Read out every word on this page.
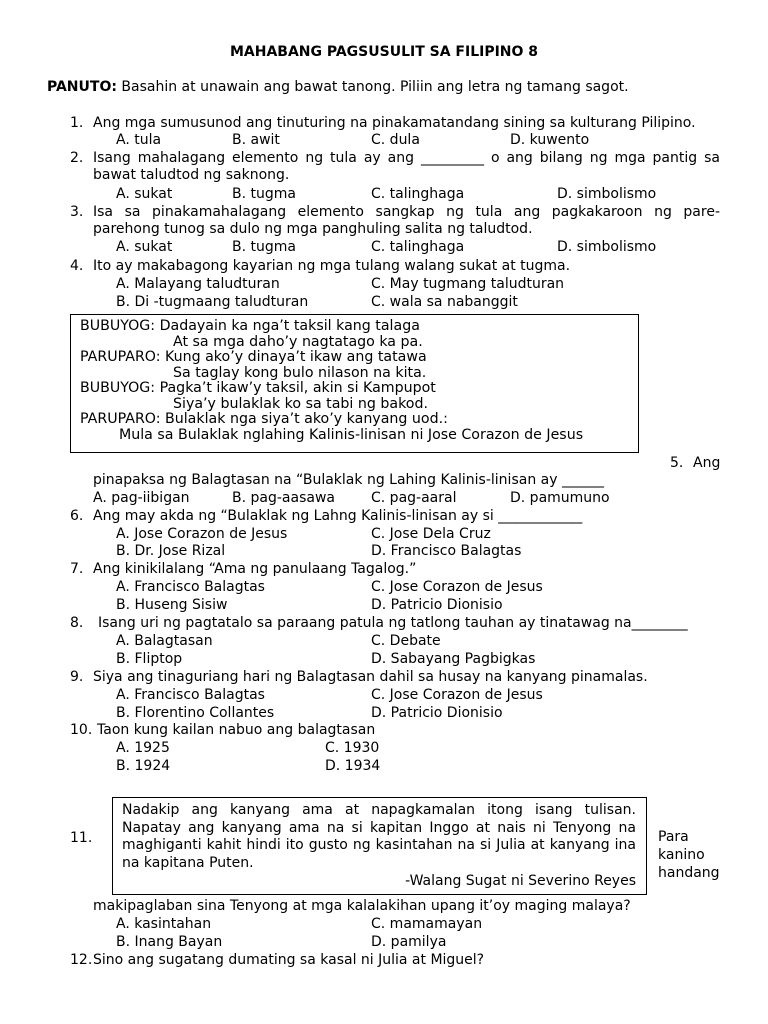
MAHABANG PAGSUSULIT SA FILIPINO 8
PANUTO: Basahin at unawain ang bawat tanong. Piliin ang letra ng tamang sagot.
1. Ang mga sumusunod ang tinuturing na pinakamatandang sining sa kulturang Pilipino.
A. tula	B. awit	C. dula	D. kuwento
2. Isang mahalagang elemento ng tula ay ang _________ o ang bilang ng mga pantig sa
bawat taludtod ng saknong.
A. sukat	B. tugma	C. talinghaga	D. simbolismo
3. Isa sa pinakamahalagang elemento sangkap ng tula ang pagkakaroon ng pare-
parehong tunog sa dulo ng mga panghuling salita ng taludtod.
A. sukat	B. tugma	C. talinghaga	D. simbolismo
4. Ito ay makabagong kayarian ng mga tulang walang sukat at tugma.
A. Malayang taludturan	C. May tugmang taludturan
B. Di -tugmaang taludturan	C. wala sa nabanggit
BUBUYOG: Dadayain ka nga’t taksil kang talaga
At sa mga daho’y nagtatago ka pa.
PARUPARO: Kung ako’y dinaya’t ikaw ang tatawa
Sa taglay kong bulo nilason na kita.
BUBUYOG: Pagka’t ikaw’y taksil, akin si Kampupot
Siya’y bulaklak ko sa tabi ng bakod.
PARUPARO: Bulaklak nga siya’t ako’y kanyang uod.:
Mula sa Bulaklak nglahing Kalinis-linisan ni Jose Corazon de Jesus
5. Ang
pinapaksa ng Balagtasan na “Bulaklak ng Lahing Kalinis-linisan ay ______
A. pag-iibigan	B. pag-aasawa	C. pag-aaral	D. pamumuno
6. Ang may akda ng “Bulaklak ng Lahng Kalinis-linisan ay si ____________
A. Jose Corazon de Jesus	C. Jose Dela Cruz
B. Dr. Jose Rizal	D. Francisco Balagtas
7. Ang kinikilalang “Ama ng panulaang Tagalog.”
A. Francisco Balagtas	C. Jose Corazon de Jesus
B. Huseng Sisiw	D. Patricio Dionisio
8. Isang uri ng pagtatalo sa paraang patula ng tatlong tauhan ay tinatawag na________
A. Balagtasan	C. Debate
B. Fliptop	D. Sabayang Pagbigkas
9. Siya ang tinaguriang hari ng Balagtasan dahil sa husay na kanyang pinamalas.
A. Francisco Balagtas	C. Jose Corazon de Jesus
B. Florentino Collantes	D. Patricio Dionisio
10. Taon kung kailan nabuo ang balagtasan
A. 1925	C. 1930
B. 1924	D. 1934
11.

Nadakip ang kanyang ama at napagkamalan itong isang tulisan. Napatay ang kanyang ama na si kapitan Inggo at nais ni Tenyong na maghiganti kahit hindi ito gusto ng kasintahan na si Julia at kanyang ina na kapitana Puten.

-Walang Sugat ni Severino Reyes
Para
kanino
handang
makipaglaban sina Tenyong at mga kalalakihan upang it’oy maging malaya?
A. kasintahan	C. mamamayan
B. Inang Bayan	D. pamilya
12. Sino ang sugatang dumating sa kasal ni Julia at Miguel?
